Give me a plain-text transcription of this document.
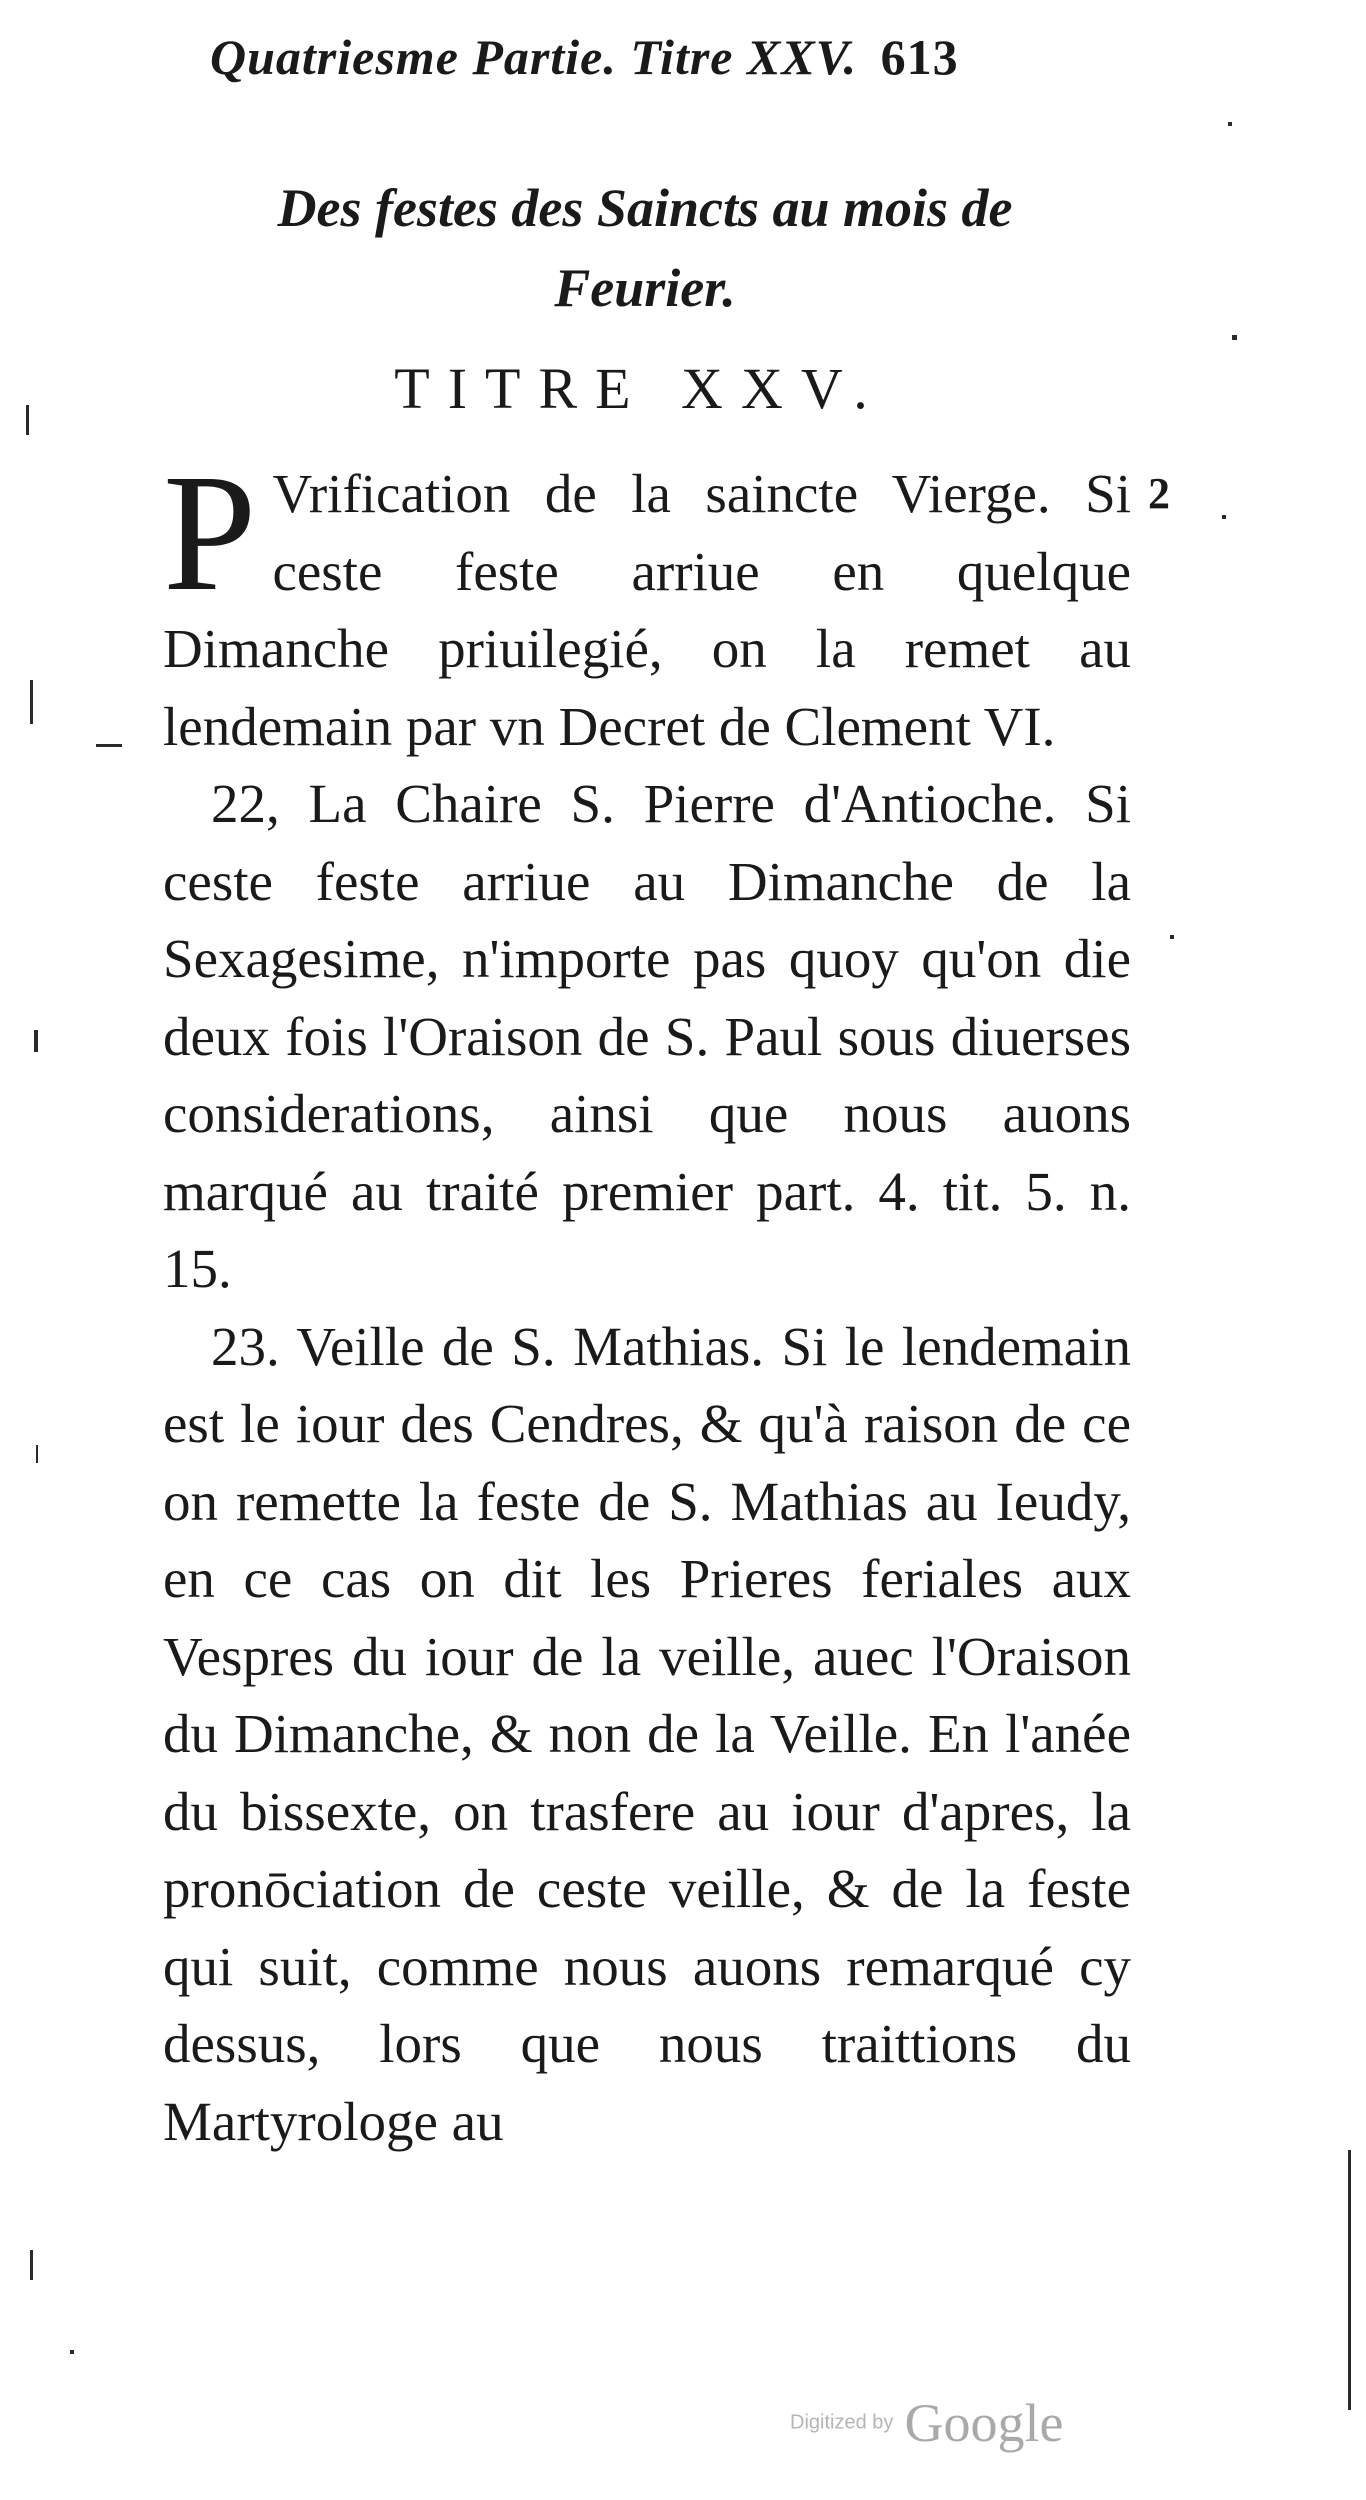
Quatriesme Partie. Titre XXV. 613
Des festes des Saincts au mois de Feurier.
TITRE XXV.
2

P Vrification de la saincte Vierge. Si ceste feste arriue en quelque Dimanche priuilegié, on la remet au lendemain par vn Decret de Clement VI.

22, La Chaire S. Pierre d'Antioche. Si ceste feste arriue au Dimanche de la Sexagesime, n'importe pas quoy qu'on die deux fois l'Oraison de S. Paul sous diuerses considerations, ainsi que nous auons marqué au traité premier part. 4. tit. 5. n. 15.

23. Veille de S. Mathias. Si le lendemain est le iour des Cendres, & qu'à raison de ce on remette la feste de S. Mathias au Ieudy, en ce cas on dit les Prieres feriales aux Vespres du iour de la veille, auec l'Oraison du Dimanche, & non de la Veille. En l'anée du bissexte, on trasfere au iour d'apres, la pronōciation de ceste veille, & de la feste qui suit, comme nous auons remarqué cy dessus, lors que nous traittions du Martyrologe au

Digitized by Google
